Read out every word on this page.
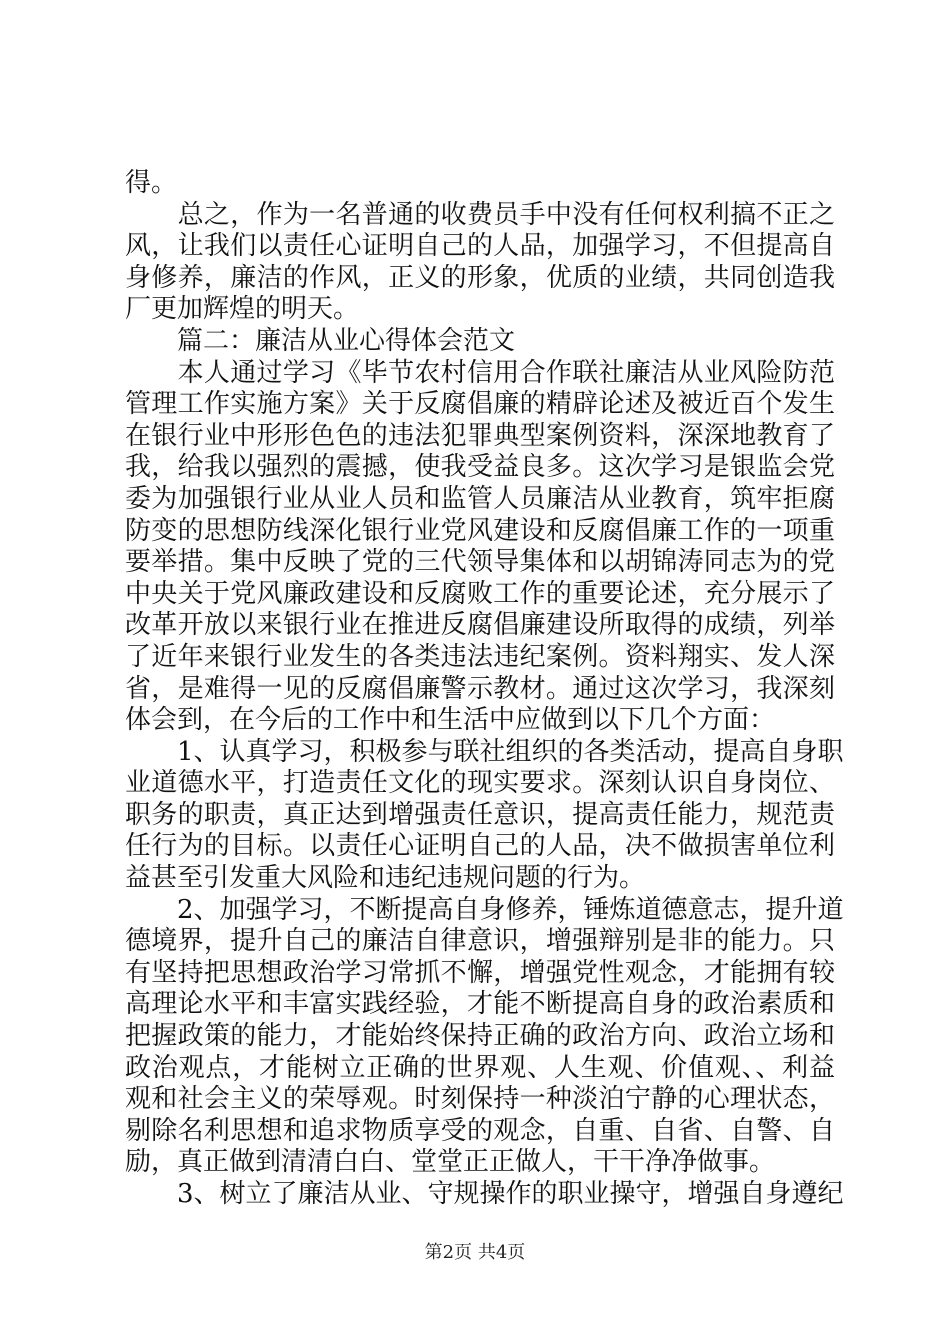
得。
　　总之，作为一名普通的收费员手中没有任何权利搞不正之
风，让我们以责任心证明自己的人品，加强学习，不但提高自
身修养，廉洁的作风，正义的形象，优质的业绩，共同创造我
厂更加辉煌的明天。
　　篇二：廉洁从业心得体会范文
　　本人通过学习《毕节农村信用合作联社廉洁从业风险防范
管理工作实施方案》关于反腐倡廉的精辟论述及被近百个发生
在银行业中形形色色的违法犯罪典型案例资料，深深地教育了
我，给我以强烈的震撼，使我受益良多。这次学习是银监会党
委为加强银行业从业人员和监管人员廉洁从业教育，筑牢拒腐
防变的思想防线深化银行业党风建设和反腐倡廉工作的一项重
要举措。集中反映了党的三代领导集体和以胡锦涛同志为的党
中央关于党风廉政建设和反腐败工作的重要论述，充分展示了
改革开放以来银行业在推进反腐倡廉建设所取得的成绩，列举
了近年来银行业发生的各类违法违纪案例。资料翔实、发人深
省，是难得一见的反腐倡廉警示教材。通过这次学习，我深刻
体会到，在今后的工作中和生活中应做到以下几个方面：
　　1、认真学习，积极参与联社组织的各类活动，提高自身职
业道德水平，打造责任文化的现实要求。深刻认识自身岗位、
职务的职责，真正达到增强责任意识，提高责任能力，规范责
任行为的目标。以责任心证明自己的人品，决不做损害单位利
益甚至引发重大风险和违纪违规问题的行为。
　　2、加强学习，不断提高自身修养，锤炼道德意志，提升道
德境界，提升自己的廉洁自律意识，增强辩别是非的能力。只
有坚持把思想政治学习常抓不懈，增强党性观念，才能拥有较
高理论水平和丰富实践经验，才能不断提高自身的政治素质和
把握政策的能力，才能始终保持正确的政治方向、政治立场和
政治观点，才能树立正确的世界观、人生观、价值观、、利益
观和社会主义的荣辱观。时刻保持一种淡泊宁静的心理状态，
剔除名利思想和追求物质享受的观念，自重、自省、自警、自
励，真正做到清清白白、堂堂正正做人，干干净净做事。
　　3、树立了廉洁从业、守规操作的职业操守，增强自身遵纪
第2页 共4页
